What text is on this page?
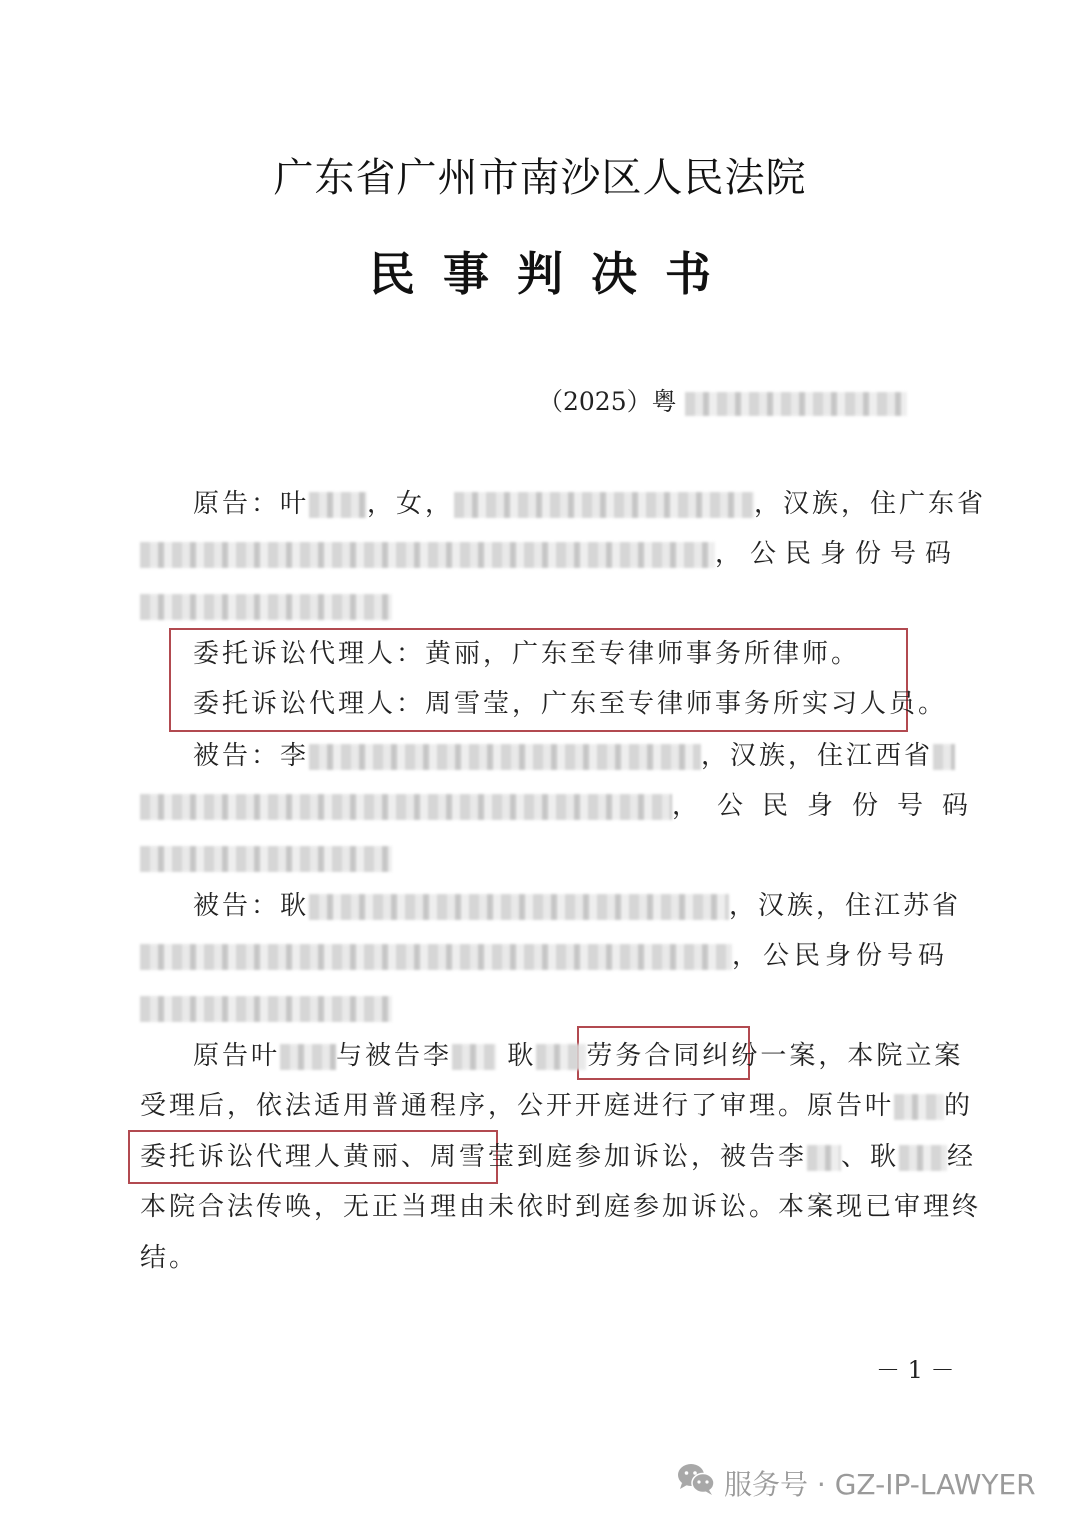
广东省广州市南沙区人民法院
民事判决书
（2025）粤
原告：叶 ，女，	，汉族，住广东省
，公民身份号码
委托诉讼代理人：黄丽，广东至专律师事务所律师。
委托诉讼代理人：周雪莹，广东至专律师事务所实习人员。
被告：李	，汉族，住江西省
，公民身份号码
被告：耿	，汉族，住江苏省
，公民身份号码
原告叶 与被告李 耿 劳务合同纠纷一案，本院立案
受理后，依法适用普通程序，公开开庭进行了审理。原告叶 的
委托诉讼代理人黄丽、周雪莹到庭参加诉讼，被告李 、耿 经
本院合法传唤，无正当理由未依时到庭参加诉讼。本案现已审理终
结。
－ 1 －
服务号 · GZ-IP-LAWYER
